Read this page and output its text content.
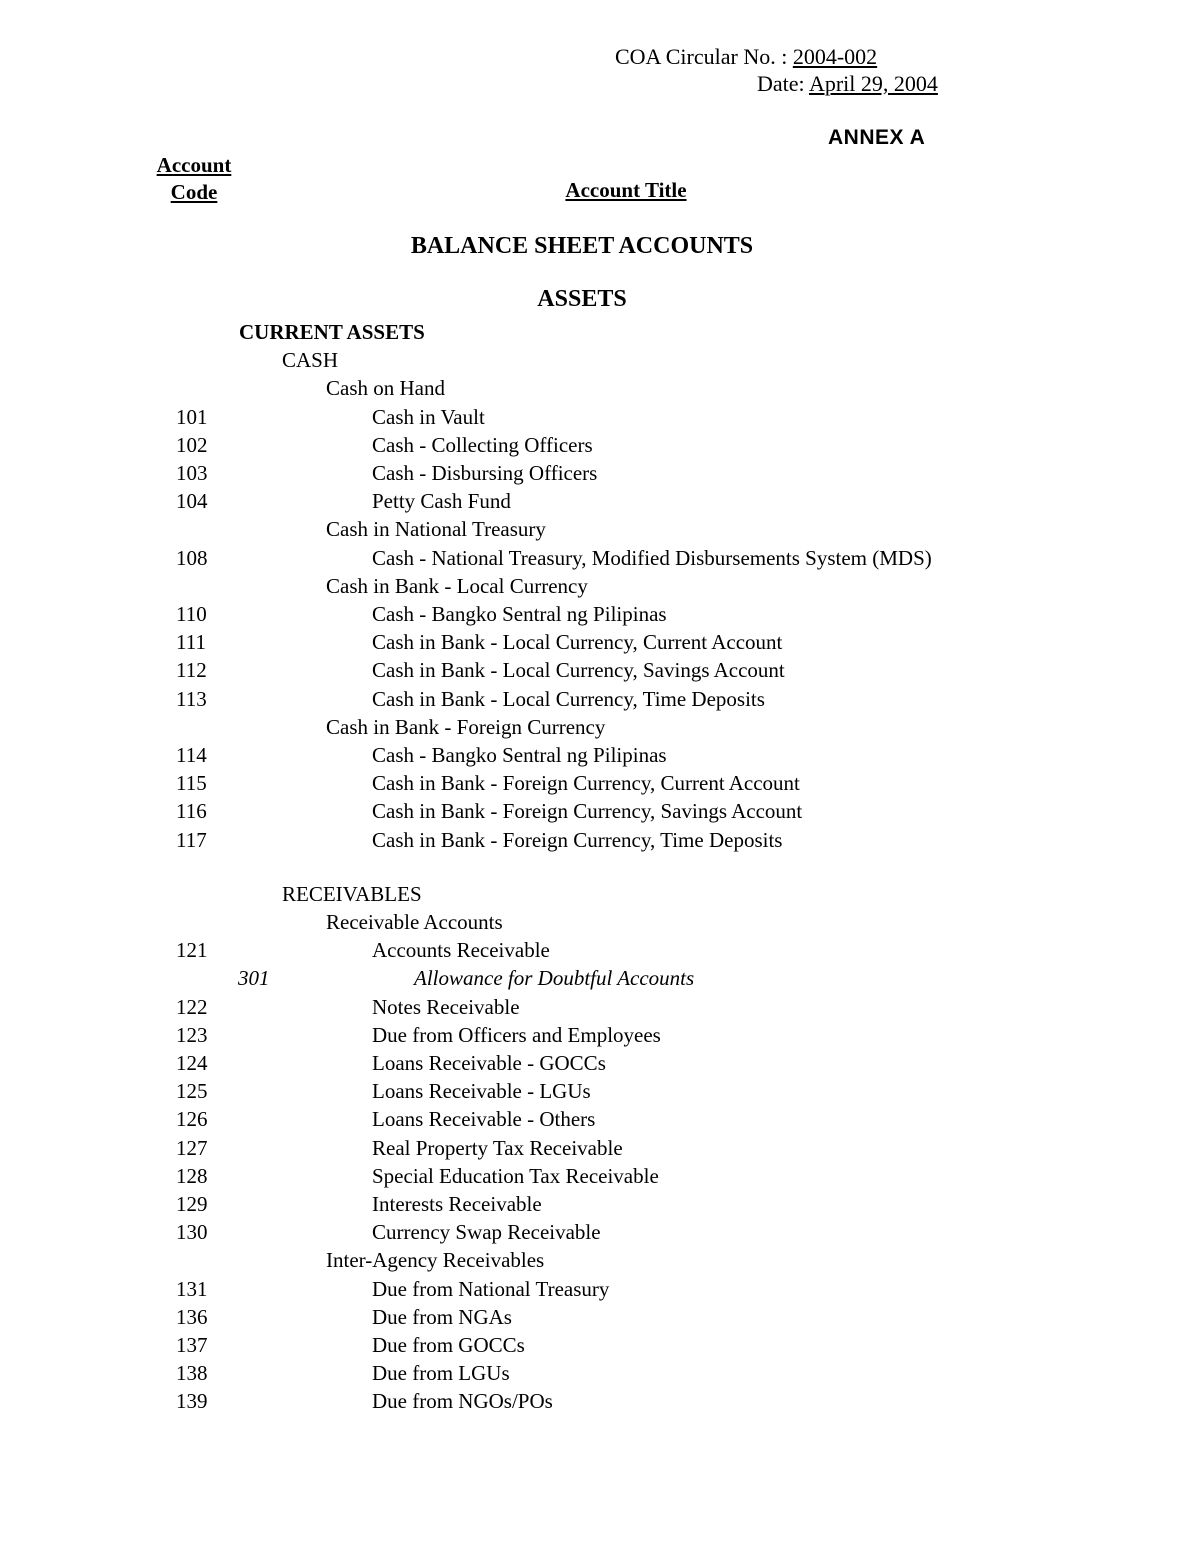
COA Circular No. : 2004-002
Date: April 29, 2004
ANNEX A
Account
Code	Account Title
BALANCE SHEET ACCOUNTS
ASSETS
CURRENT ASSETS
CASH
Cash on Hand
101	Cash in Vault
102	Cash - Collecting Officers
103	Cash - Disbursing Officers
104	Petty Cash Fund
Cash in National Treasury
108	Cash - National Treasury, Modified Disbursements System (MDS)
Cash in Bank - Local Currency
110	Cash - Bangko Sentral ng Pilipinas
111	Cash in Bank - Local Currency, Current Account
112	Cash in Bank - Local Currency, Savings Account
113	Cash in Bank - Local Currency, Time Deposits
Cash in Bank - Foreign Currency
114	Cash - Bangko Sentral ng Pilipinas
115	Cash in Bank - Foreign Currency, Current Account
116	Cash in Bank - Foreign Currency, Savings Account
117	Cash in Bank - Foreign Currency, Time Deposits
RECEIVABLES
Receivable Accounts
121	Accounts Receivable
301	Allowance for Doubtful Accounts
122	Notes Receivable
123	Due from Officers and Employees
124	Loans Receivable - GOCCs
125	Loans Receivable - LGUs
126	Loans Receivable - Others
127	Real Property Tax Receivable
128	Special Education Tax Receivable
129	Interests Receivable
130	Currency Swap Receivable
Inter-Agency Receivables
131	Due from National Treasury
136	Due from NGAs
137	Due from GOCCs
138	Due from LGUs
139	Due from NGOs/POs
